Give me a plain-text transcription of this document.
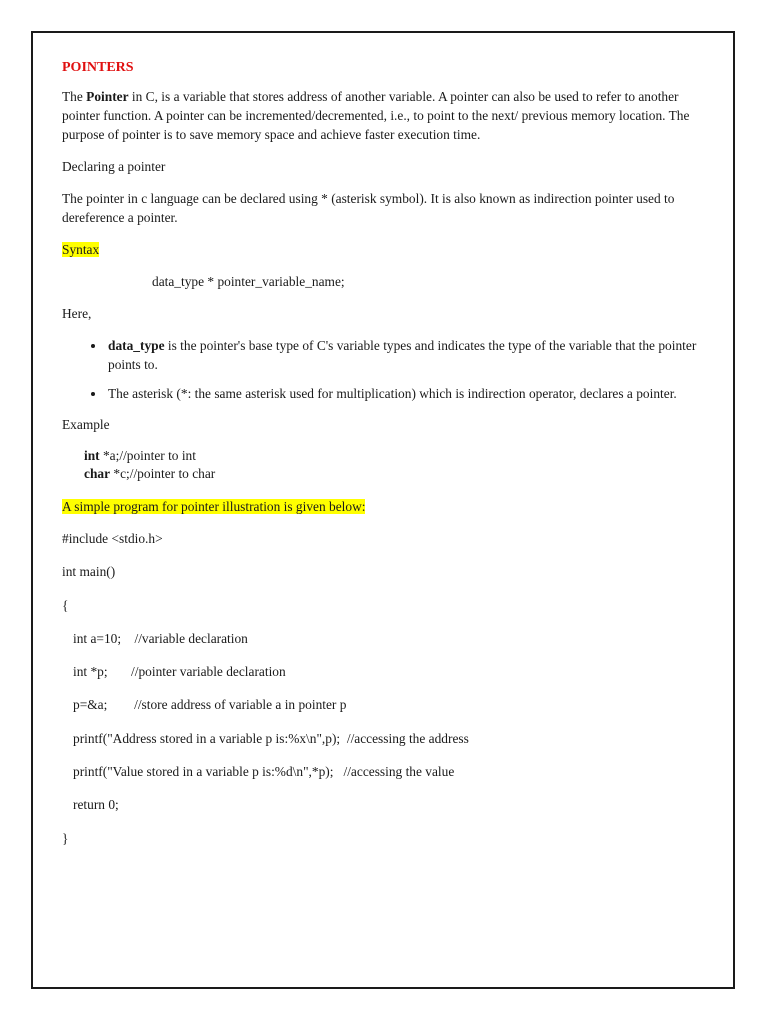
POINTERS

The Pointer in C, is a variable that stores address of another variable. A pointer can also be used to refer to another pointer function. A pointer can be incremented/decremented, i.e., to point to the next/ previous memory location. The purpose of pointer is to save memory space and achieve faster execution time.

Declaring a pointer

The pointer in c language can be declared using * (asterisk symbol). It is also known as indirection pointer used to dereference a pointer.

Syntax

data_type * pointer_variable_name;

Here,

• data_type is the pointer's base type of C's variable types and indicates the type of the variable that the pointer points to.
• The asterisk (*: the same asterisk used for multiplication) which is indirection operator, declares a pointer.

Example

int *a;//pointer to int
char *c;//pointer to char

A simple program for pointer illustration is given below:

#include <stdio.h>
int main()
{
int a=10;    //variable declaration
int *p;       //pointer variable declaration
p=&a;        //store address of variable a in pointer p
printf("Address stored in a variable p is:%x\n",p);  //accessing the address
printf("Value stored in a variable p is:%d\n",*p);   //accessing the value
return 0;
}
